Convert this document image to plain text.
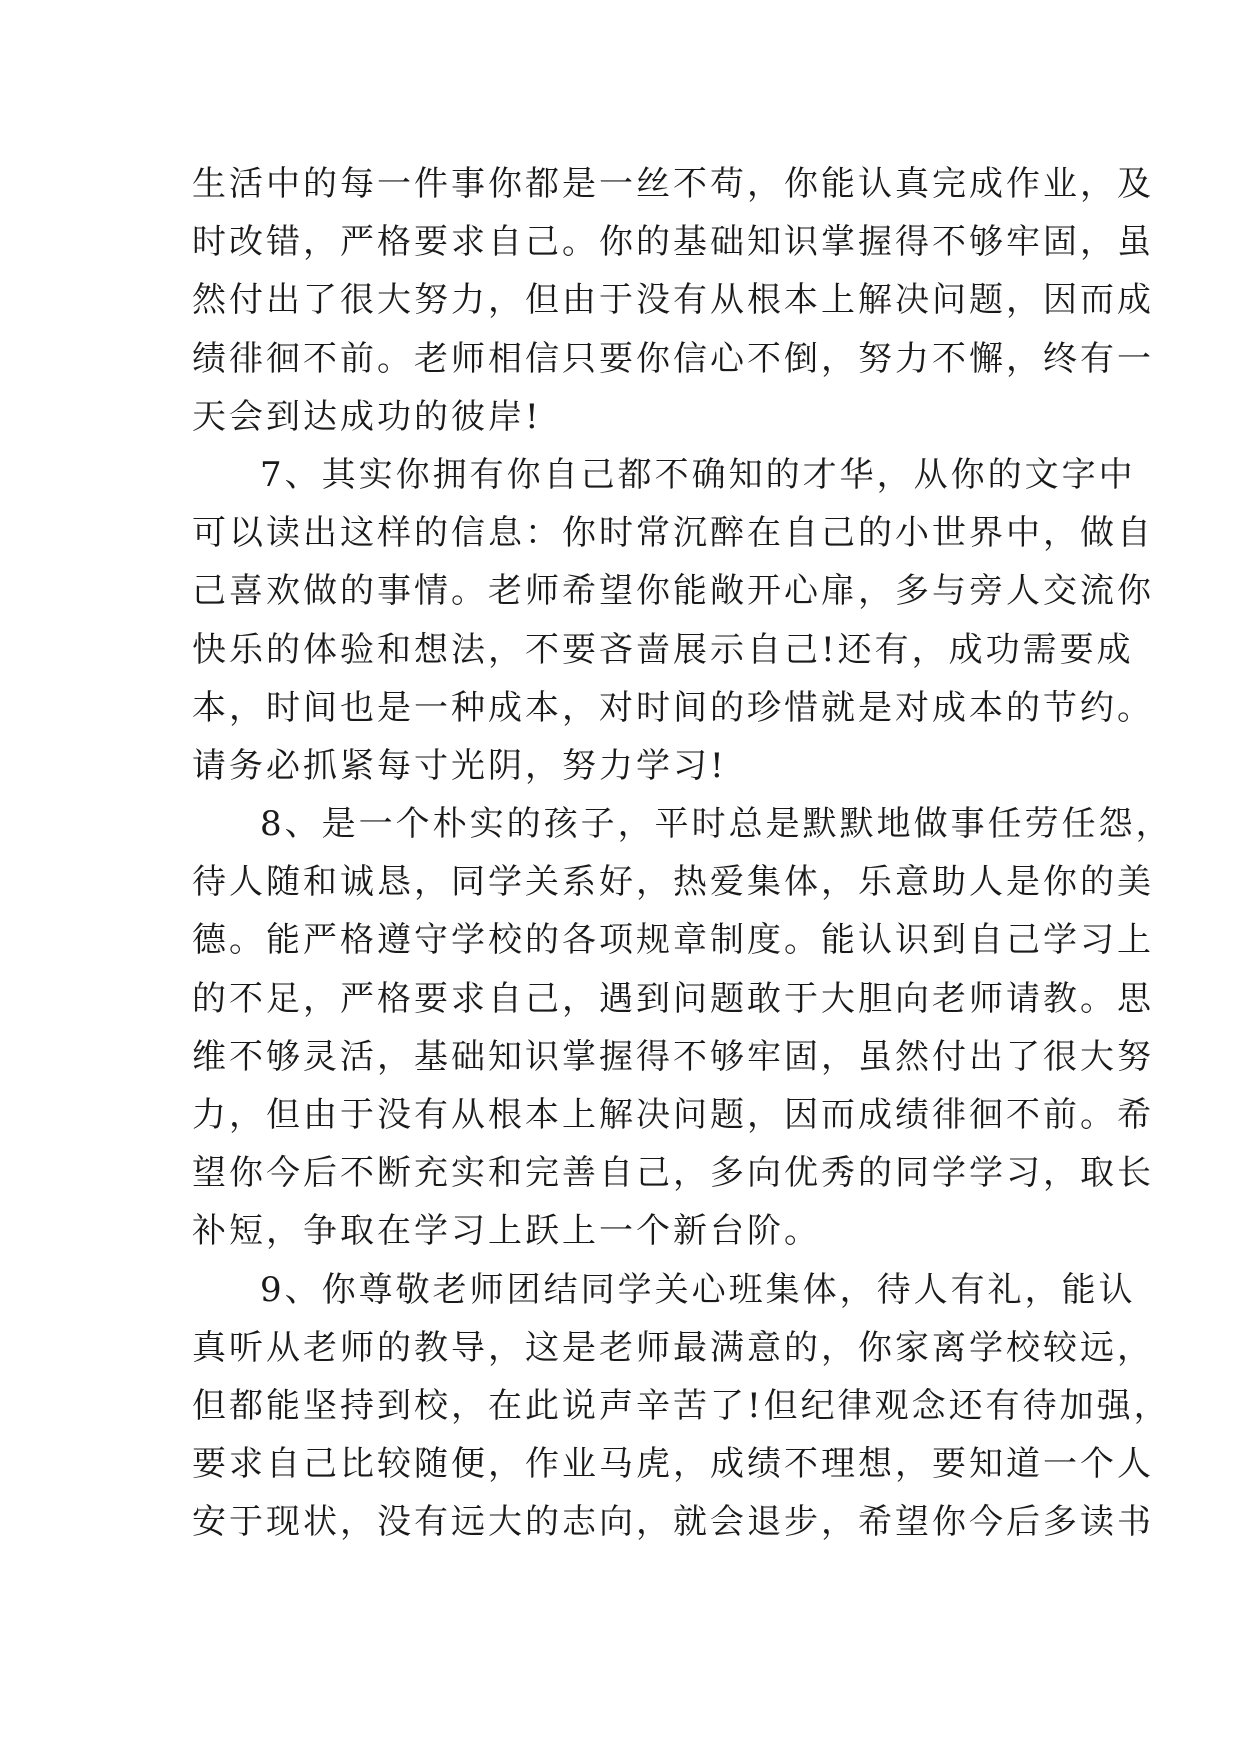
生活中的每一件事你都是一丝不苟，你能认真完成作业，及
时改错，严格要求自己。你的基础知识掌握得不够牢固，虽
然付出了很大努力，但由于没有从根本上解决问题，因而成
绩徘徊不前。老师相信只要你信心不倒，努力不懈，终有一
天会到达成功的彼岸!
7、其实你拥有你自己都不确知的才华，从你的文字中
可以读出这样的信息：你时常沉醉在自己的小世界中，做自
己喜欢做的事情。老师希望你能敞开心扉，多与旁人交流你
快乐的体验和想法，不要吝啬展示自己!还有，成功需要成
本，时间也是一种成本，对时间的珍惜就是对成本的节约。
请务必抓紧每寸光阴，努力学习!
8、是一个朴实的孩子，平时总是默默地做事任劳任怨，
待人随和诚恳，同学关系好，热爱集体，乐意助人是你的美
德。能严格遵守学校的各项规章制度。能认识到自己学习上
的不足，严格要求自己，遇到问题敢于大胆向老师请教。思
维不够灵活，基础知识掌握得不够牢固，虽然付出了很大努
力，但由于没有从根本上解决问题，因而成绩徘徊不前。希
望你今后不断充实和完善自己，多向优秀的同学学习，取长
补短，争取在学习上跃上一个新台阶。
9、你尊敬老师团结同学关心班集体，待人有礼，能认
真听从老师的教导，这是老师最满意的，你家离学校较远，
但都能坚持到校，在此说声辛苦了!但纪律观念还有待加强，
要求自己比较随便，作业马虎，成绩不理想，要知道一个人
安于现状，没有远大的志向，就会退步，希望你今后多读书
